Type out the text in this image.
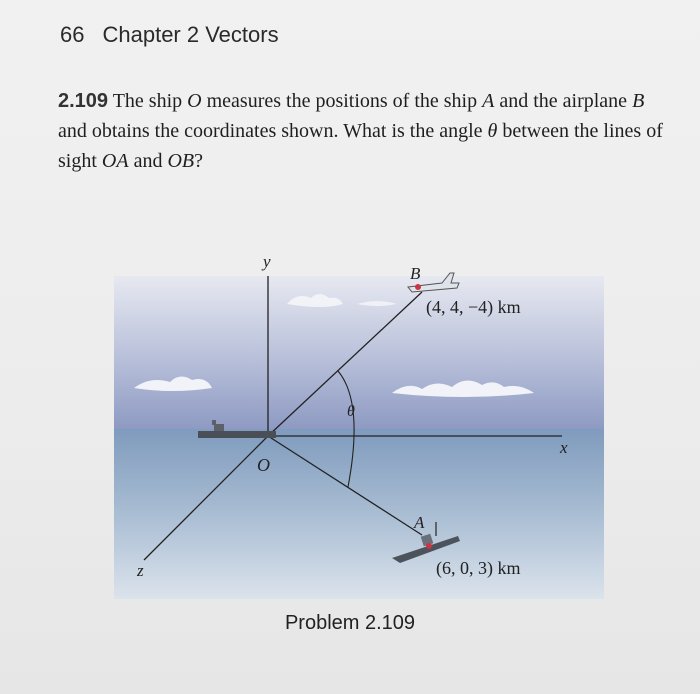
66 Chapter 2 Vectors
2.109 The ship O measures the positions of the ship A and the airplane B and obtains the coordinates shown. What is the angle θ between the lines of sight OA and OB?
y
x
z
O
θ
B
(4, 4, −4) km
A
(6, 0, 3) km
Problem 2.109
